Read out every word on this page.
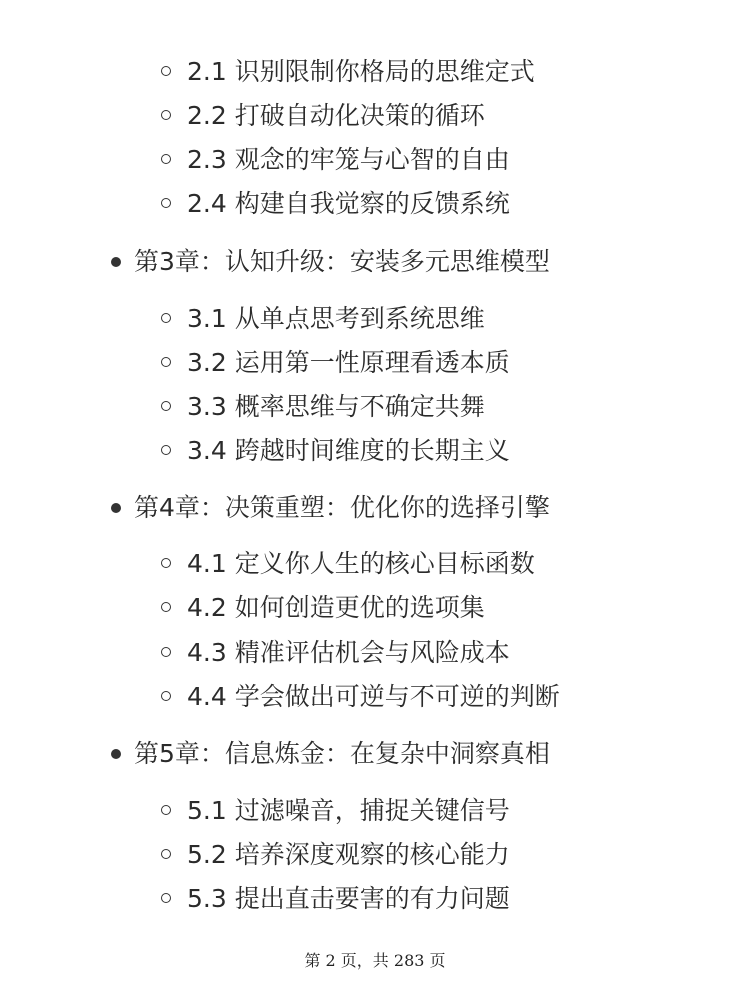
2.1 识别限制你格局的思维定式
2.2 打破自动化决策的循环
2.3 观念的牢笼与心智的自由
2.4 构建自我觉察的反馈系统
第3章：认知升级：安装多元思维模型
3.1 从单点思考到系统思维
3.2 运用第一性原理看透本质
3.3 概率思维与不确定共舞
3.4 跨越时间维度的长期主义
第4章：决策重塑：优化你的选择引擎
4.1 定义你人生的核心目标函数
4.2 如何创造更优的选项集
4.3 精准评估机会与风险成本
4.4 学会做出可逆与不可逆的判断
第5章：信息炼金：在复杂中洞察真相
5.1 过滤噪音，捕捉关键信号
5.2 培养深度观察的核心能力
5.3 提出直击要害的有力问题
第 2 页，共 283 页
